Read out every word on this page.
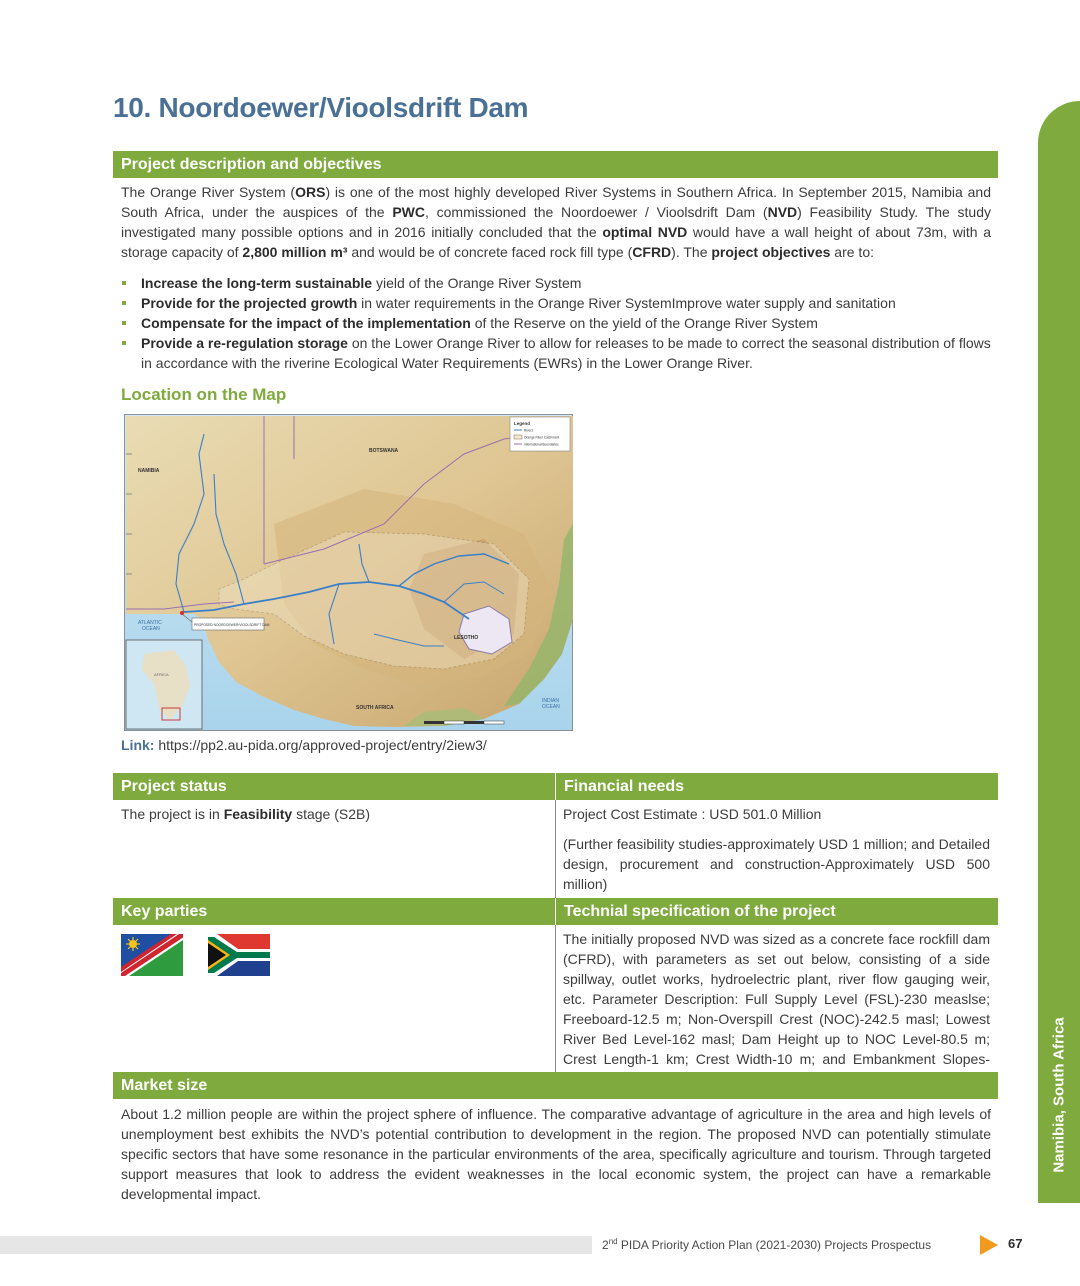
10. Noordoewer/Vioolsdrift Dam
Project description and objectives

The Orange River System (ORS) is one of the most highly developed River Systems in Southern Africa. In September 2015, Namibia and South Africa, under the auspices of the PWC, commissioned the Noordoewer / Vioolsdrift Dam (NVD) Feasibility Study. The study investigated many possible options and in 2016 initially concluded that the optimal NVD would have a wall height of about 73m, with a storage capacity of 2,800 million m³ and would be of concrete faced rock fill type (CFRD). The project objectives are to:

Increase the long-term sustainable yield of the Orange River System
Provide for the projected growth in water requirements in the Orange River SystemImprove water supply and sanitation
Compensate for the impact of the implementation of the Reserve on the yield of the Orange River System
Provide a re-regulation storage on the Lower Orange River to allow for releases to be made to correct the seasonal distribution of flows in accordance with the riverine Ecological Water Requirements (EWRs) in the Lower Orange River.
Location on the Map
NAMIBIA
BOTSWANA
LESOTHO
SOUTH AFRICA
ATLANTIC
OCEAN
INDIAN
OCEAN
PROPOSED NOORDOEWER/VIOOLSDRIFT DAM
Legend
Rivers
Orange River Catchment
International Boundaries
AFRICA
Link: https://pp2.au-pida.org/approved-project/entry/2iew3/
Project status	Financial needs
The project is in Feasibility stage (S2B)	Project Cost Estimate : USD 501.0 Million
(Further feasibility studies-approximately USD 1 million; and Detailed design, procurement and construction-Approximately USD 500 million)
Key parties	Technial specification of the project
The initially proposed NVD was sized as a concrete face rockfill dam (CFRD), with parameters as set out below, consisting of a side spillway, outlet works, hydroelectric plant, river flow gauging weir, etc. Parameter Description: Full Supply Level (FSL)-230 measlse; Freeboard-12.5 m; Non-Overspill Crest (NOC)-242.5 masl; Lowest River Bed Level-162 masl; Dam Height up to NOC Level-80.5 m; Crest Length-1 km; Crest Width-10 m; and Embankment Slopes-
Market size

About 1.2 million people are within the project sphere of influence. The comparative advantage of agriculture in the area and high levels of unemployment best exhibits the NVD’s potential contribution to development in the region. The proposed NVD can potentially stimulate specific sectors that have some resonance in the particular environments of the area, specifically agriculture and tourism. Through targeted support measures that look to address the evident weaknesses in the local economic system, the project can have a remarkable developmental impact.

Namibia, South Africa
2nd PIDA Priority Action Plan (2021-2030) Projects Prospectus	67
